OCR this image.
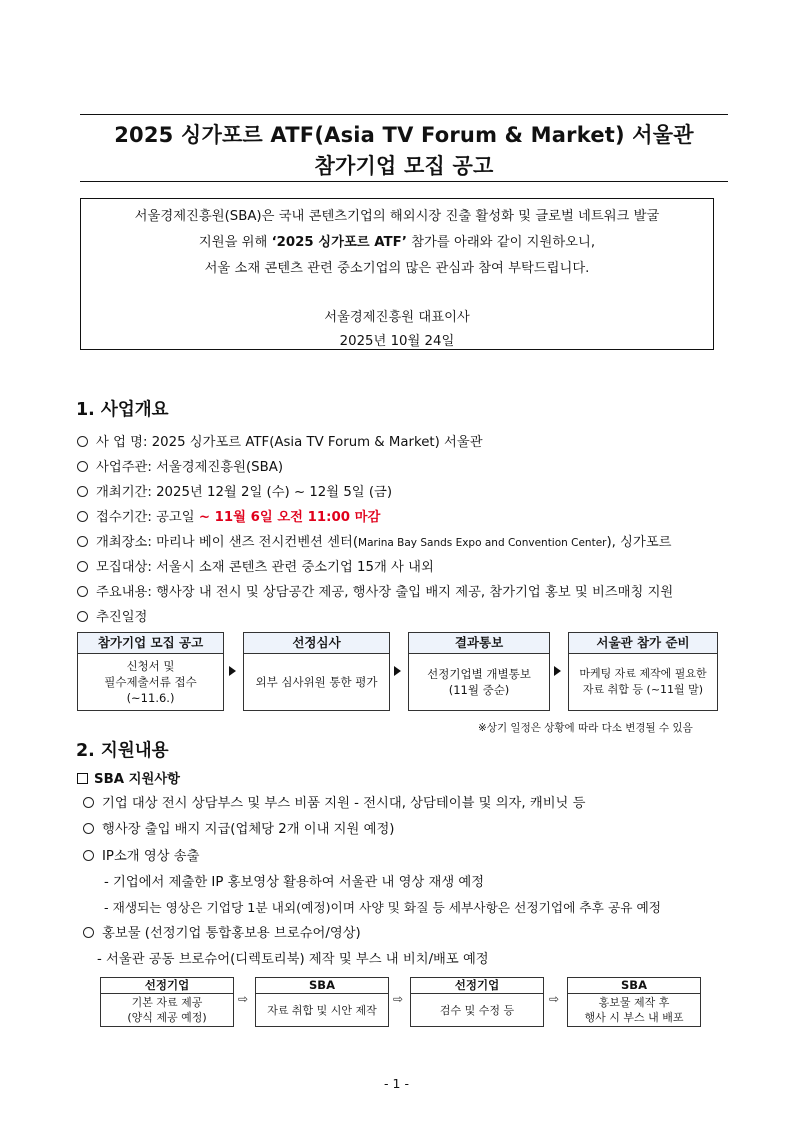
2025 싱가포르 ATF(Asia TV Forum & Market) 서울관
참가기업 모집 공고
서울경제진흥원(SBA)은 국내 콘텐츠기업의 해외시장 진출 활성화 및 글로벌 네트워크 발굴
지원을 위해 ‘2025 싱가포르 ATF’ 참가를 아래와 같이 지원하오니,
서울 소재 콘텐츠 관련 중소기업의 많은 관심과 참여 부탁드립니다.
서울경제진흥원 대표이사
2025년 10월 24일
1. 사업개요
사 업 명: 2025 싱가포르 ATF(Asia TV Forum & Market) 서울관
사업주관: 서울경제진흥원(SBA)
개최기간: 2025년 12월 2일 (수) ~ 12월 5일 (금)
접수기간: 공고일 ~ 11월 6일 오전 11:00 마감
개최장소: 마리나 베이 샌즈 전시컨벤션 센터(Marina Bay Sands Expo and Convention Center), 싱가포르
모집대상: 서울시 소재 콘텐츠 관련 중소기업 15개 사 내외
주요내용: 행사장 내 전시 및 상담공간 제공, 행사장 출입 배지 제공, 참가기업 홍보 및 비즈매칭 지원
추진일정
참가기업 모집 공고
신청서 및
필수제출서류 접수
(~11.6.)
선정심사
외부 심사위원 통한 평가
결과통보
선정기업별 개별통보
(11월 중순)
서울관 참가 준비
마케팅 자료 제작에 필요한
자료 취합 등 (~11월 말)
※상기 일정은 상황에 따라 다소 변경될 수 있음
2. 지원내용
SBA 지원사항
기업 대상 전시 상담부스 및 부스 비품 지원 - 전시대, 상담테이블 및 의자, 캐비닛 등
행사장 출입 배지 지급(업체당 2개 이내 지원 예정)
IP소개 영상 송출
- 기업에서 제출한 IP 홍보영상 활용하여 서울관 내 영상 재생 예정
- 재생되는 영상은 기업당 1분 내외(예정)이며 사양 및 화질 등 세부사항은 선정기업에 추후 공유 예정
홍보물 (선정기업 통합홍보용 브로슈어/영상)
- 서울관 공동 브로슈어(디렉토리북) 제작 및 부스 내 비치/배포 예정
선정기업
기본 자료 제공
(양식 제공 예정)
⇨
SBA
자료 취합 및 시안 제작
⇨
선정기업
검수 및 수정 등
⇨
SBA
홍보물 제작 후
행사 시 부스 내 배포
- 1 -
